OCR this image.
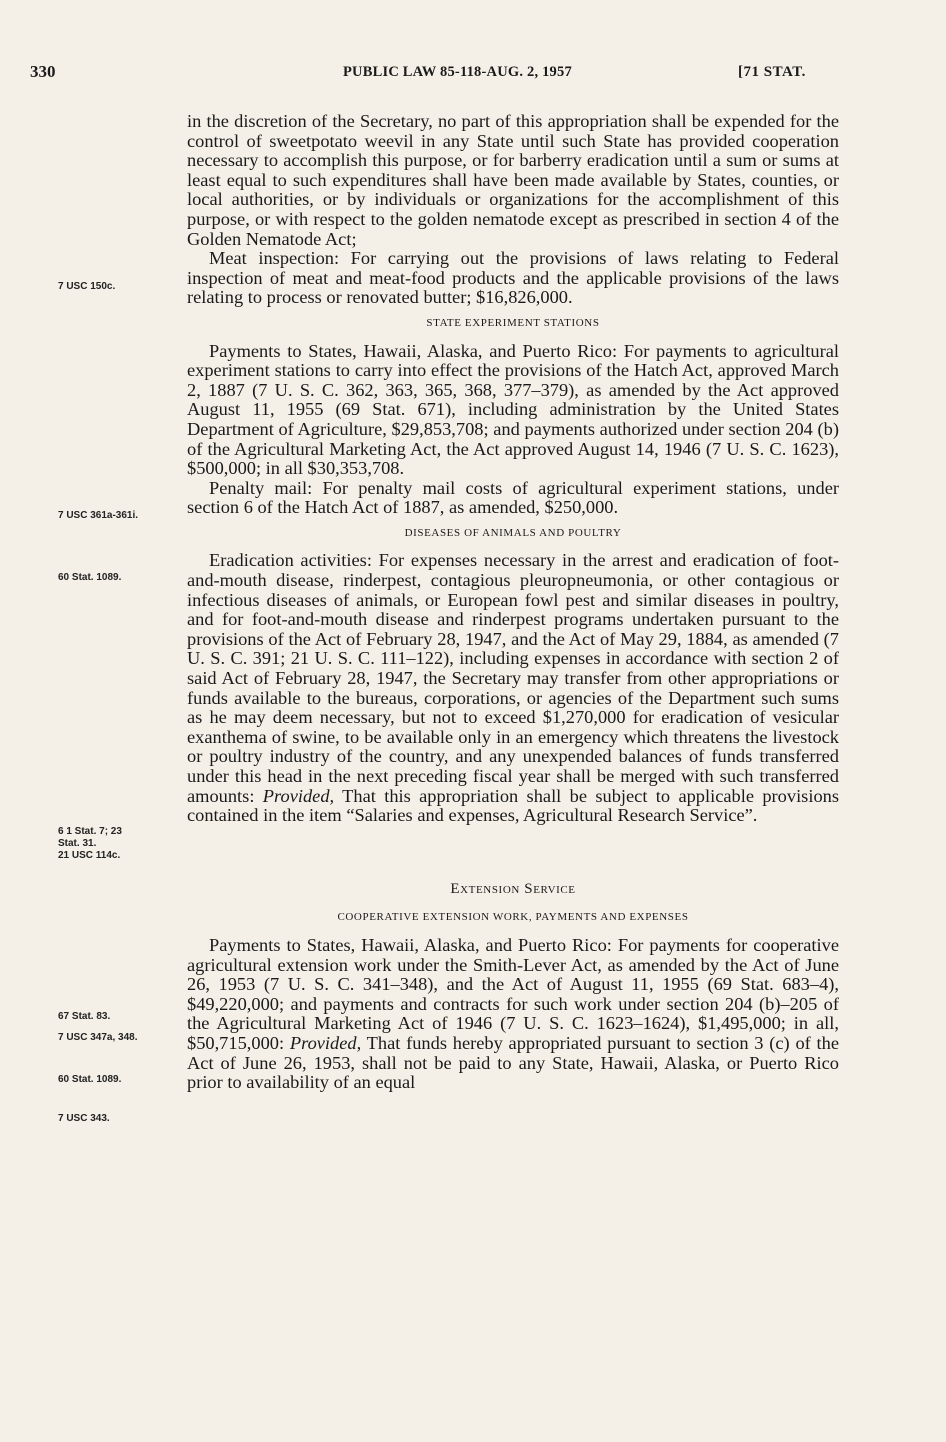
330	PUBLIC LAW 85-118-AUG. 2, 1957	[71 STAT.
7 USC 150c.
7 USC 361a-361i.
60 Stat. 1089.
6 1 Stat. 7; 23
Stat. 31.
21 USC 114c.
67 Stat. 83.
7 USC 347a, 348.
60 Stat. 1089.
7 USC 343.

in the discretion of the Secretary, no part of this appropriation shall be expended for the control of sweetpotato weevil in any State until such State has provided cooperation necessary to accomplish this purpose, or for barberry eradication until a sum or sums at least equal to such expenditures shall have been made available by States, counties, or local authorities, or by individuals or organizations for the accomplishment of this purpose, or with respect to the golden nematode except as prescribed in section 4 of the Golden Nematode Act;

Meat inspection: For carrying out the provisions of laws relating to Federal inspection of meat and meat-food products and the applicable provisions of the laws relating to process or renovated butter; $16,826,000.

STATE EXPERIMENT STATIONS

Payments to States, Hawaii, Alaska, and Puerto Rico: For payments to agricultural experiment stations to carry into effect the provisions of the Hatch Act, approved March 2, 1887 (7 U. S. C. 362, 363, 365, 368, 377–379), as amended by the Act approved August 11, 1955 (69 Stat. 671), including administration by the United States Department of Agriculture, $29,853,708; and payments authorized under section 204 (b) of the Agricultural Marketing Act, the Act approved August 14, 1946 (7 U. S. C. 1623), $500,000; in all $30,353,708.

Penalty mail: For penalty mail costs of agricultural experiment stations, under section 6 of the Hatch Act of 1887, as amended, $250,000.

DISEASES OF ANIMALS AND POULTRY

Eradication activities: For expenses necessary in the arrest and eradication of foot-and-mouth disease, rinderpest, contagious pleuropneumonia, or other contagious or infectious diseases of animals, or European fowl pest and similar diseases in poultry, and for foot-and-mouth disease and rinderpest programs undertaken pursuant to the provisions of the Act of February 28, 1947, and the Act of May 29, 1884, as amended (7 U. S. C. 391; 21 U. S. C. 111–122), including expenses in accordance with section 2 of said Act of February 28, 1947, the Secretary may transfer from other appropriations or funds available to the bureaus, corporations, or agencies of the Department such sums as he may deem necessary, but not to exceed $1,270,000 for eradication of vesicular exanthema of swine, to be available only in an emergency which threatens the livestock or poultry industry of the country, and any unexpended balances of funds transferred under this head in the next preceding fiscal year shall be merged with such transferred amounts: Provided, That this appropriation shall be subject to applicable provisions contained in the item “Salaries and expenses, Agricultural Research Service”.

Extension Service
COOPERATIVE EXTENSION WORK, PAYMENTS AND EXPENSES

Payments to States, Hawaii, Alaska, and Puerto Rico: For payments for cooperative agricultural extension work under the Smith-Lever Act, as amended by the Act of June 26, 1953 (7 U. S. C. 341–348), and the Act of August 11, 1955 (69 Stat. 683–4), $49,220,000; and payments and contracts for such work under section 204 (b)–205 of the Agricultural Marketing Act of 1946 (7 U. S. C. 1623–1624), $1,495,000; in all, $50,715,000: Provided, That funds hereby appropriated pursuant to section 3 (c) of the Act of June 26, 1953, shall not be paid to any State, Hawaii, Alaska, or Puerto Rico prior to availability of an equal
